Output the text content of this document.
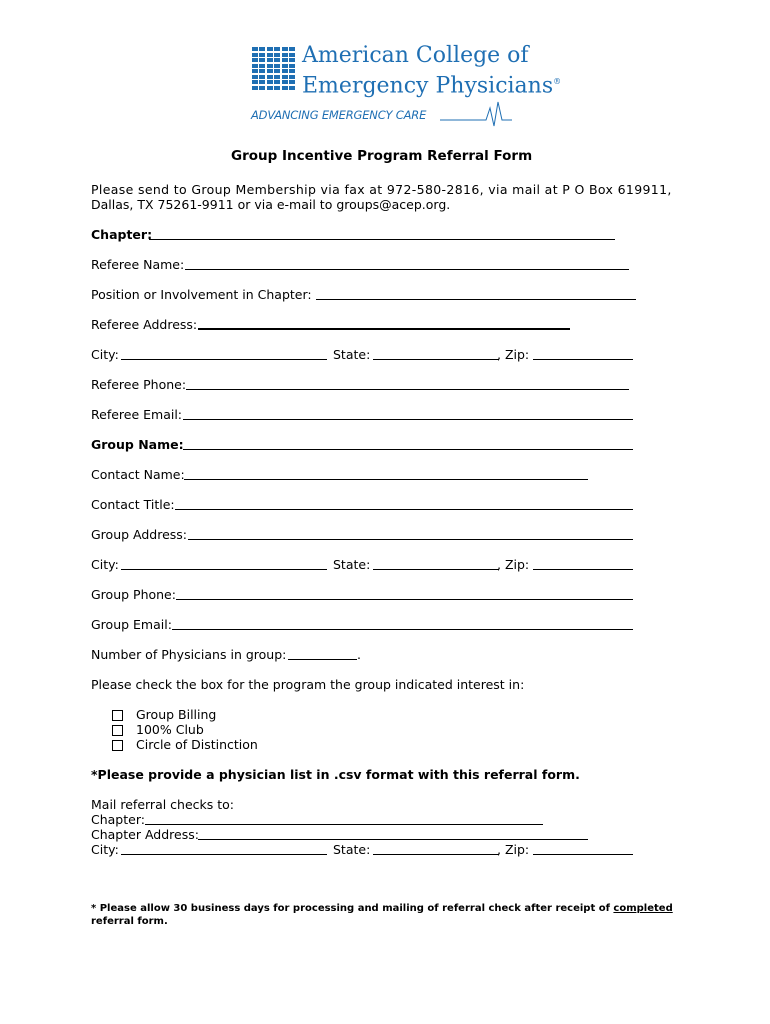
American College of
Emergency Physicians®
ADVANCING EMERGENCY CARE
Group Incentive Program Referral Form
Please send to Group Membership via fax at 972-580-2816, via mail at P O Box 619911,
Dallas, TX 75261-9911 or via e-mail to groups@acep.org.
Chapter:
Referee Name:
Position or Involvement in Chapter:
Referee Address:
City:	State:	, Zip:
Referee Phone:
Referee Email:
Group Name:
Contact Name:
Contact Title:
Group Address:
City:	State:	, Zip:
Group Phone:
Group Email:
Number of Physicians in group:	.
Please check the box for the program the group indicated interest in:
Group Billing
100% Club
Circle of Distinction
*Please provide a physician list in .csv format with this referral form.
Mail referral checks to:
Chapter:
Chapter Address:
City:	State:	, Zip:
* Please allow 30 business days for processing and mailing of referral check after receipt of completed
referral form.
